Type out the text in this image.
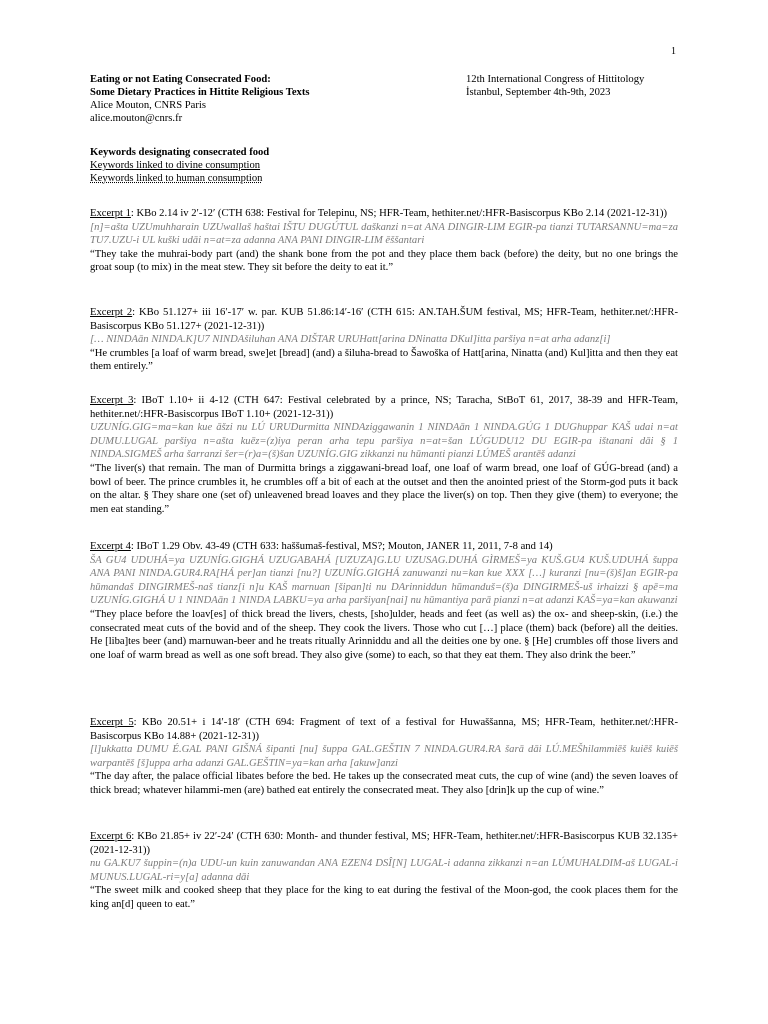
1
Eating or not Eating Consecrated Food:
Some Dietary Practices in Hittite Religious Texts
Alice Mouton, CNRS Paris
alice.mouton@cnrs.fr
12th International Congress of Hittitology
İstanbul, September 4th-9th, 2023
Keywords designating consecrated food
Keywords linked to divine consumption
Keywords linked to human consumption

Excerpt 1: KBo 2.14 iv 2′-12′ (CTH 638: Festival for Telepinu, NS; HFR-Team, hethiter.net/:HFR-Basiscorpus KBo 2.14 (2021-12-31))

[n]=ašta UZUmuhharain UZUwallaš haštai IŠTU DUGÚTUL daškanzi n=at ANA DINGIR-LIM EGIR-pa tianzi TUTARSANNU=ma=za TU7.UZU-i UL kuški udāi n=at=za adanna ANA PANI DINGIR-LIM ēššantari

“They take the muhrai-body part (and) the shank bone from the pot and they place them back (before) the deity, but no one brings the groat soup (to mix) in the meat stew. They sit before the deity to eat it.”

Excerpt 2: KBo 51.127+ iii 16′-17′ w. par. KUB 51.86:14′-16′ (CTH 615: AN.TAH.ŠUM festival, MS; HFR-Team, hethiter.net/:HFR-Basiscorpus KBo 51.127+ (2021-12-31))

[… NINDAān NINDA.K]U7 NINDAšiluhan ANA DIŠTAR URUHatt[arina DNinatta DKul]itta paršiya n=at arha adanz[i]

“He crumbles [a loaf of warm bread, swe]et [bread] (and) a šiluha-bread to Šawoška of Hatt[arina, Ninatta (and) Kul]itta and then they eat them entirely.”

Excerpt 3: IBoT 1.10+ ii 4-12 (CTH 647: Festival celebrated by a prince, NS; Taracha, StBoT 61, 2017, 38-39 and HFR-Team, hethiter.net/:HFR-Basiscorpus IBoT 1.10+ (2021-12-31))

UZUNÍG.GIG=ma=kan kue āšzi nu LÚ URUDurmitta NINDAziggawanin 1 NINDAān 1 NINDA.GÚG 1 DUGhuppar KAŠ udai n=at DUMU.LUGAL paršiya n=ašta kuēz=(z)iya peran arha tepu paršiya n=at=šan LÚGUDU12 DU EGIR-pa ištanani dāi § 1 NINDA.SIGMEŠ arha šarranzi šer=(r)a=(š)šan UZUNÍG.GIG zikkanzi nu hūmanti pianzi LÚMEŠ arantēš adanzi

“The liver(s) that remain. The man of Durmitta brings a ziggawani-bread loaf, one loaf of warm bread, one loaf of GÚG-bread (and) a bowl of beer. The prince crumbles it, he crumbles off a bit of each at the outset and then the anointed priest of the Storm-god puts it back on the altar. § They share one (set of) unleavened bread loaves and they place the liver(s) on top. Then they give (them) to everyone; the men eat standing.”

Excerpt 4: IBoT 1.29 Obv. 43-49 (CTH 633: haššumaš-festival, MS?; Mouton, JANER 11, 2011, 7-8 and 14)

ŠA GU4 UDUHÁ=ya UZUNÍG.GIGHÁ UZUGABAHÁ [UZUZA]G.LU UZUSAG.DUHÁ GÌRMEŠ=ya KUŠ.GU4 KUŠ.UDUHÁ šuppa ANA PANI NINDA.GUR4.RA[HÁ per]an tianzi [nu?] UZUNÍG.GIGHÁ zanuwanzi nu=kan kue XXX […] kuranzi [nu=(š)š]an EGIR-pa hūmandaš DINGIRMEŠ-naš tianz[i n]u KAŠ marnuan [šipan]ti nu DArinniddun hūmanduš=(š)a DINGIRMEŠ-uš irhaizzi § apē=ma UZUNÍG.GIGHÁ U 1 NINDAān 1 NINDA LABKU=ya arha paršiyan[nai] nu hūmantiya parā pianzi n=at adanzi KAŠ=ya=kan akuwanzi

“They place before the loav[es] of thick bread the livers, chests, [sho]ulder, heads and feet (as well as) the ox- and sheep-skin, (i.e.) the consecrated meat cuts of the bovid and of the sheep. They cook the livers. Those who cut […] place (them) back (before) all the deities. He [liba]tes beer (and) marnuwan-beer and he treats ritually Arinniddu and all the deities one by one. § [He] crumbles off those livers and one loaf of warm bread as well as one soft bread. They also give (some) to each, so that they eat them. They also drink the beer.”

Excerpt 5: KBo 20.51+ i 14′-18′ (CTH 694: Fragment of text of a festival for Huwaššanna, MS; HFR-Team, hethiter.net/:HFR-Basiscorpus KBo 14.88+ (2021-12-31))

[l]ukkatta DUMU É.GAL PANI GIŠNÁ šipanti [nu] šuppa GAL.GEŠTIN 7 NINDA.GUR4.RA šarā dāi LÚ.MEŠhilammiēš kuiēš kuiēš warpantēš [š]uppa arha adanzi GAL.GEŠTIN=ya=kan arha [akuw]anzi

“The day after, the palace official libates before the bed. He takes up the consecrated meat cuts, the cup of wine (and) the seven loaves of thick bread; whatever hilammi-men (are) bathed eat entirely the consecrated meat. They also [drin]k up the cup of wine.”

Excerpt 6: KBo 21.85+ iv 22′-24′ (CTH 630: Month- and thunder festival, MS; HFR-Team, hethiter.net/:HFR-Basiscorpus KUB 32.135+ (2021-12-31))

nu GA.KU7 šuppin=(n)a UDU-un kuin zanuwandan ANA EZEN4 DSÎ[N] LUGAL-i adanna zikkanzi n=an LÚMUHALDIM-aš LUGAL-i MUNUS.LUGAL-ri=y[a] adanna dāi

“The sweet milk and cooked sheep that they place for the king to eat during the festival of the Moon-god, the cook places them for the king an[d] queen to eat.”
